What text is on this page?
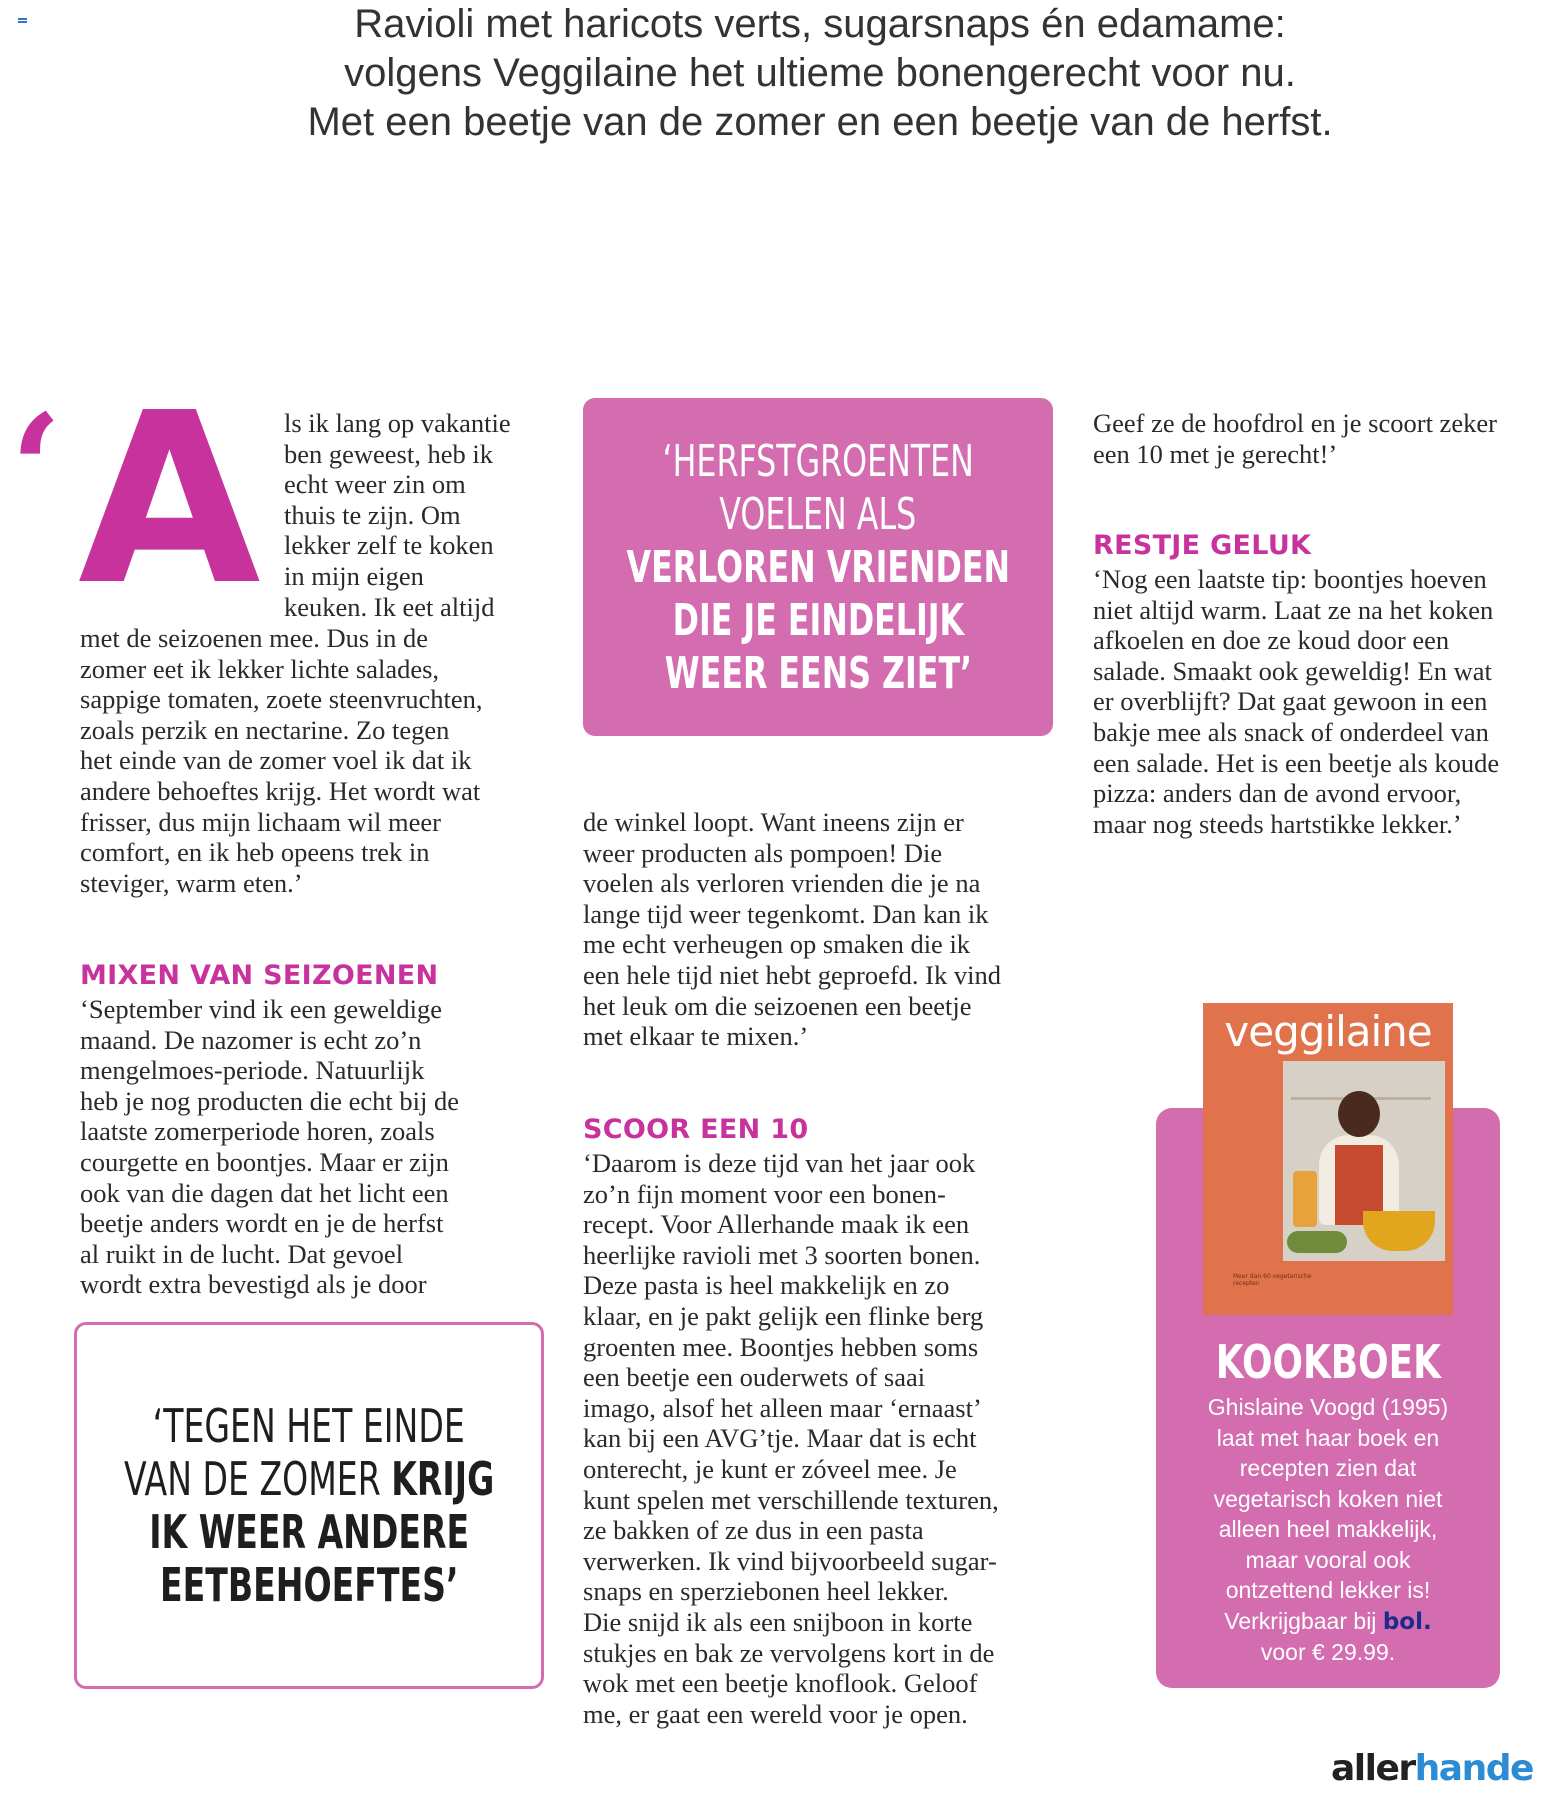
Ravioli met haricots verts, sugarsnaps én edamame:

volgens Veggilaine het ultieme bonengerecht voor nu.

Met een beetje van de zomer en een beetje van de herfst.

‘ A ls ik lang op vakantie

ben geweest, heb ik

echt weer zin om

thuis te zijn. Om

lekker zelf te koken

in mijn eigen

keuken. Ik eet altijd

met de seizoenen mee. Dus in de

zomer eet ik lekker lichte salades,

sappige tomaten, zoete steenvruchten,

zoals perzik en nectarine. Zo tegen

het einde van de zomer voel ik dat ik

andere behoeftes krijg. Het wordt wat

frisser, dus mijn lichaam wil meer

comfort, en ik heb opeens trek in

steviger, warm eten.’

MIXEN VAN SEIZOENEN

‘September vind ik een geweldige

maand. De nazomer is echt zo’n

mengelmoes-periode. Natuurlijk

heb je nog producten die echt bij de

laatste zomerperiode horen, zoals

courgette en boontjes. Maar er zijn

ook van die dagen dat het licht een

beetje anders wordt en je de herfst

al ruikt in de lucht. Dat gevoel

wordt extra bevestigd als je door

‘HERFSTGROENTEN
VOELEN ALS
VERLOREN VRIENDEN
DIE JE EINDELIJK
WEER EENS ZIET’

de winkel loopt. Want ineens zijn er

weer producten als pompoen! Die

voelen als verloren vrienden die je na

lange tijd weer tegenkomt. Dan kan ik

me echt verheugen op smaken die ik

een hele tijd niet hebt geproefd. Ik vind

het leuk om die seizoenen een beetje

met elkaar te mixen.’

SCOOR EEN 10

‘Daarom is deze tijd van het jaar ook

zo’n fijn moment voor een bonen-

recept. Voor Allerhande maak ik een

heerlijke ravioli met 3 soorten bonen.

Deze pasta is heel makkelijk en zo

klaar, en je pakt gelijk een flinke berg

groenten mee. Boontjes hebben soms

een beetje een ouderwets of saai

imago, alsof het alleen maar ‘ernaast’

kan bij een AVG’tje. Maar dat is echt

onterecht, je kunt er zóveel mee. Je

kunt spelen met verschillende texturen,

ze bakken of ze dus in een pasta

verwerken. Ik vind bijvoorbeeld sugar-

snaps en sperziebonen heel lekker.

Die snijd ik als een snijboon in korte

stukjes en bak ze vervolgens kort in de

wok met een beetje knoflook. Geloof

me, er gaat een wereld voor je open.

Geef ze de hoofdrol en je scoort zeker

een 10 met je gerecht!’

RESTJE GELUK

‘Nog een laatste tip: boontjes hoeven

niet altijd warm. Laat ze na het koken

afkoelen en doe ze koud door een

salade. Smaakt ook geweldig! En wat

er overblijft? Dat gaat gewoon in een

bakje mee als snack of onderdeel van

een salade. Het is een beetje als koude

pizza: anders dan de avond ervoor,

maar nog steeds hartstikke lekker.’

‘TEGEN HET EINDE
VAN DE ZOMER KRIJG
IK WEER ANDERE
EETBEHOEFTES’
veggilaine
Meer dan 60 vegetarische recepten
KOOKBOEK

Ghislaine Voogd (1995)

laat met haar boek en

recepten zien dat

vegetarisch koken niet

alleen heel makkelijk,

maar vooral ook

ontzettend lekker is!

Verkrijgbaar bij bol.

voor € 29.99.

allerhande
